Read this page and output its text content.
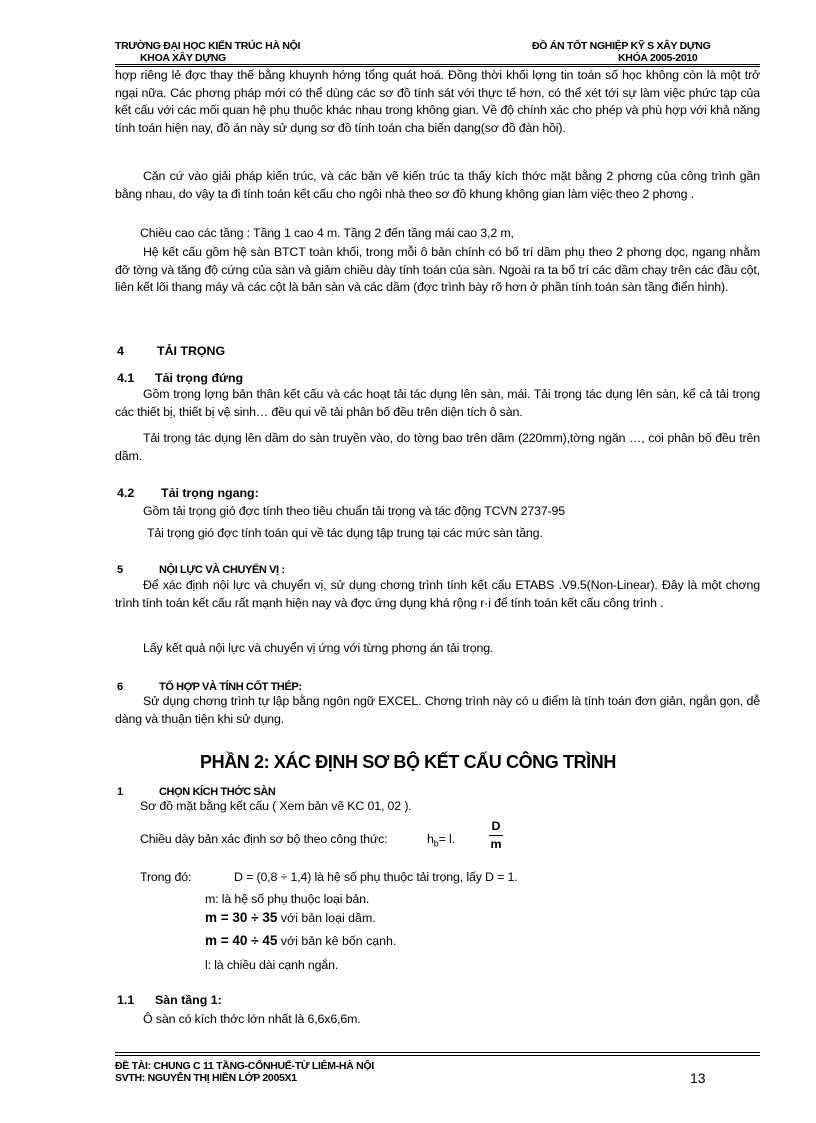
TRƯỜNG ĐẠI HỌC KIẾN TRÚC HÀ NỘI
KHOA XÂY DỰNG
ĐỒ ÁN TỐT NGHIỆP KỸ S XÂY DỰNG
KHÓA 2005-2010
hợp riêng lẻ đợc thay thế bằng khuynh hớng tổng quát hoá. Đồng thời khối lợng tin toán số học không còn là một trở ngại nữa. Các phơng pháp mới có thể dùng các sơ đồ tính sát với thực tế hơn, có thể xét tới sự làm việc phức tạp của kết cấu với các mối quan hệ phụ thuộc khác nhau trong không gian. Về độ chính xác cho phép và phù hợp với khả năng tính toán hiện nay, đồ án này sử dụng sơ đồ tính toán cha biến dạng(sơ đồ đàn hồi).
Căn cứ vào giải pháp kiến trúc, và các bản vẽ kiến trúc ta thấy kích thớc mặt bằng 2 phơng của công trình gần bằng nhau, do vậy ta đi tính toán kết cấu cho ngôi nhà theo sơ đồ khung không gian làm việc theo 2 phơng .
Chiều cao các tầng : Tầng 1 cao 4 m. Tầng 2 đến tầng mái cao 3,2 m,
Hệ kết cấu gồm hệ sàn BTCT toàn khối, trong mỗi ô bản chính có bố trí dầm phụ theo 2 phơng dọc, ngang nhằm đỡ tờng và tăng độ cứng của sàn và giảm chiều dày tính toán của sàn. Ngoài ra ta bố trí các dầm chạy trên các đầu cột, liên kết lõi thang máy và các cột là bản sàn và các dầm (đợc trình bày rõ hơn ở phần tính toán sàn tầng điển hình).
4	TẢI TRỌNG
4.1 Tải trọng đứng
Gồm trọng lợng bản thân kết cấu và các hoạt tải tác dụng lên sàn, mái. Tải trọng tác dụng lên sàn, kể cả tải trọng các thiết bị, thiết bị vệ sinh… đều qui về tải phân bố đều trên diện tích ô sàn.
Tải trọng tác dụng lên dầm do sàn truyền vào, do tờng bao trên dầm (220mm),tờng ngăn …, coi phân bố đều trên dầm.
4.2 Tải trọng ngang:
Gồm tải trọng gió đợc tính theo tiêu chuẩn tải trọng và tác động TCVN 2737-95
Tải trọng gió đợc tính toán qui về tác dụng tập trung tại các mức sàn tầng.
5	NỘI LỰC VÀ CHUYỂN VỊ :
Để xác định nội lực và chuyển vị, sử dụng chơng trình tính kết cấu ETABS .V9.5(Non-Linear). Đây là một chơng trình tính toán kết cấu rất mạnh hiện nay và đợc ứng dụng khá rộng r·i để tính toán kết cấu công trình .
Lấy kết quả nội lực và chuyển vị ứng với từng phơng án tải trọng.
6	TỔ HỢP VÀ TÍNH CỐT THÉP:
Sử dụng chơng trình tự lập bằng ngôn ngữ EXCEL. Chơng trình này có u điểm là tính toán đơn giản, ngắn gọn, dễ dàng và thuận tiện khi sử dụng.
PHẦN 2: XÁC ĐỊNH SƠ BỘ KẾT CẤU CÔNG TRÌNH
1	CHỌN KÍCH THỚC SÀN
Sơ đồ mặt bằng kết cấu ( Xem bản vẽ KC 01, 02 ).
Chiều dày bản xác định sơ bộ theo công thức:	$h_b= l$.
D
m
Trong đó:	D = (0,8 ÷ 1,4) là hệ số phụ thuộc tải trọng, lấy D = 1.
m: là hệ số phụ thuộc loại bản.
m = 30 ÷ 35 với bản loại dầm.
m = 40 ÷ 45 với bản kê bốn cạnh.
l: là chiều dài cạnh ngắn.
1.1 Sàn tầng 1:
Ô sàn có kích thớc lớn nhất là 6,6x6,6m.
ĐỀ TÀI: CHUNG C 11 TẦNG-CỔNHUẾ-TỪ LIÊM-HÀ NỘI
SVTH: NGUYỄN THỊ HIỀN LỚP 2005X1	13
